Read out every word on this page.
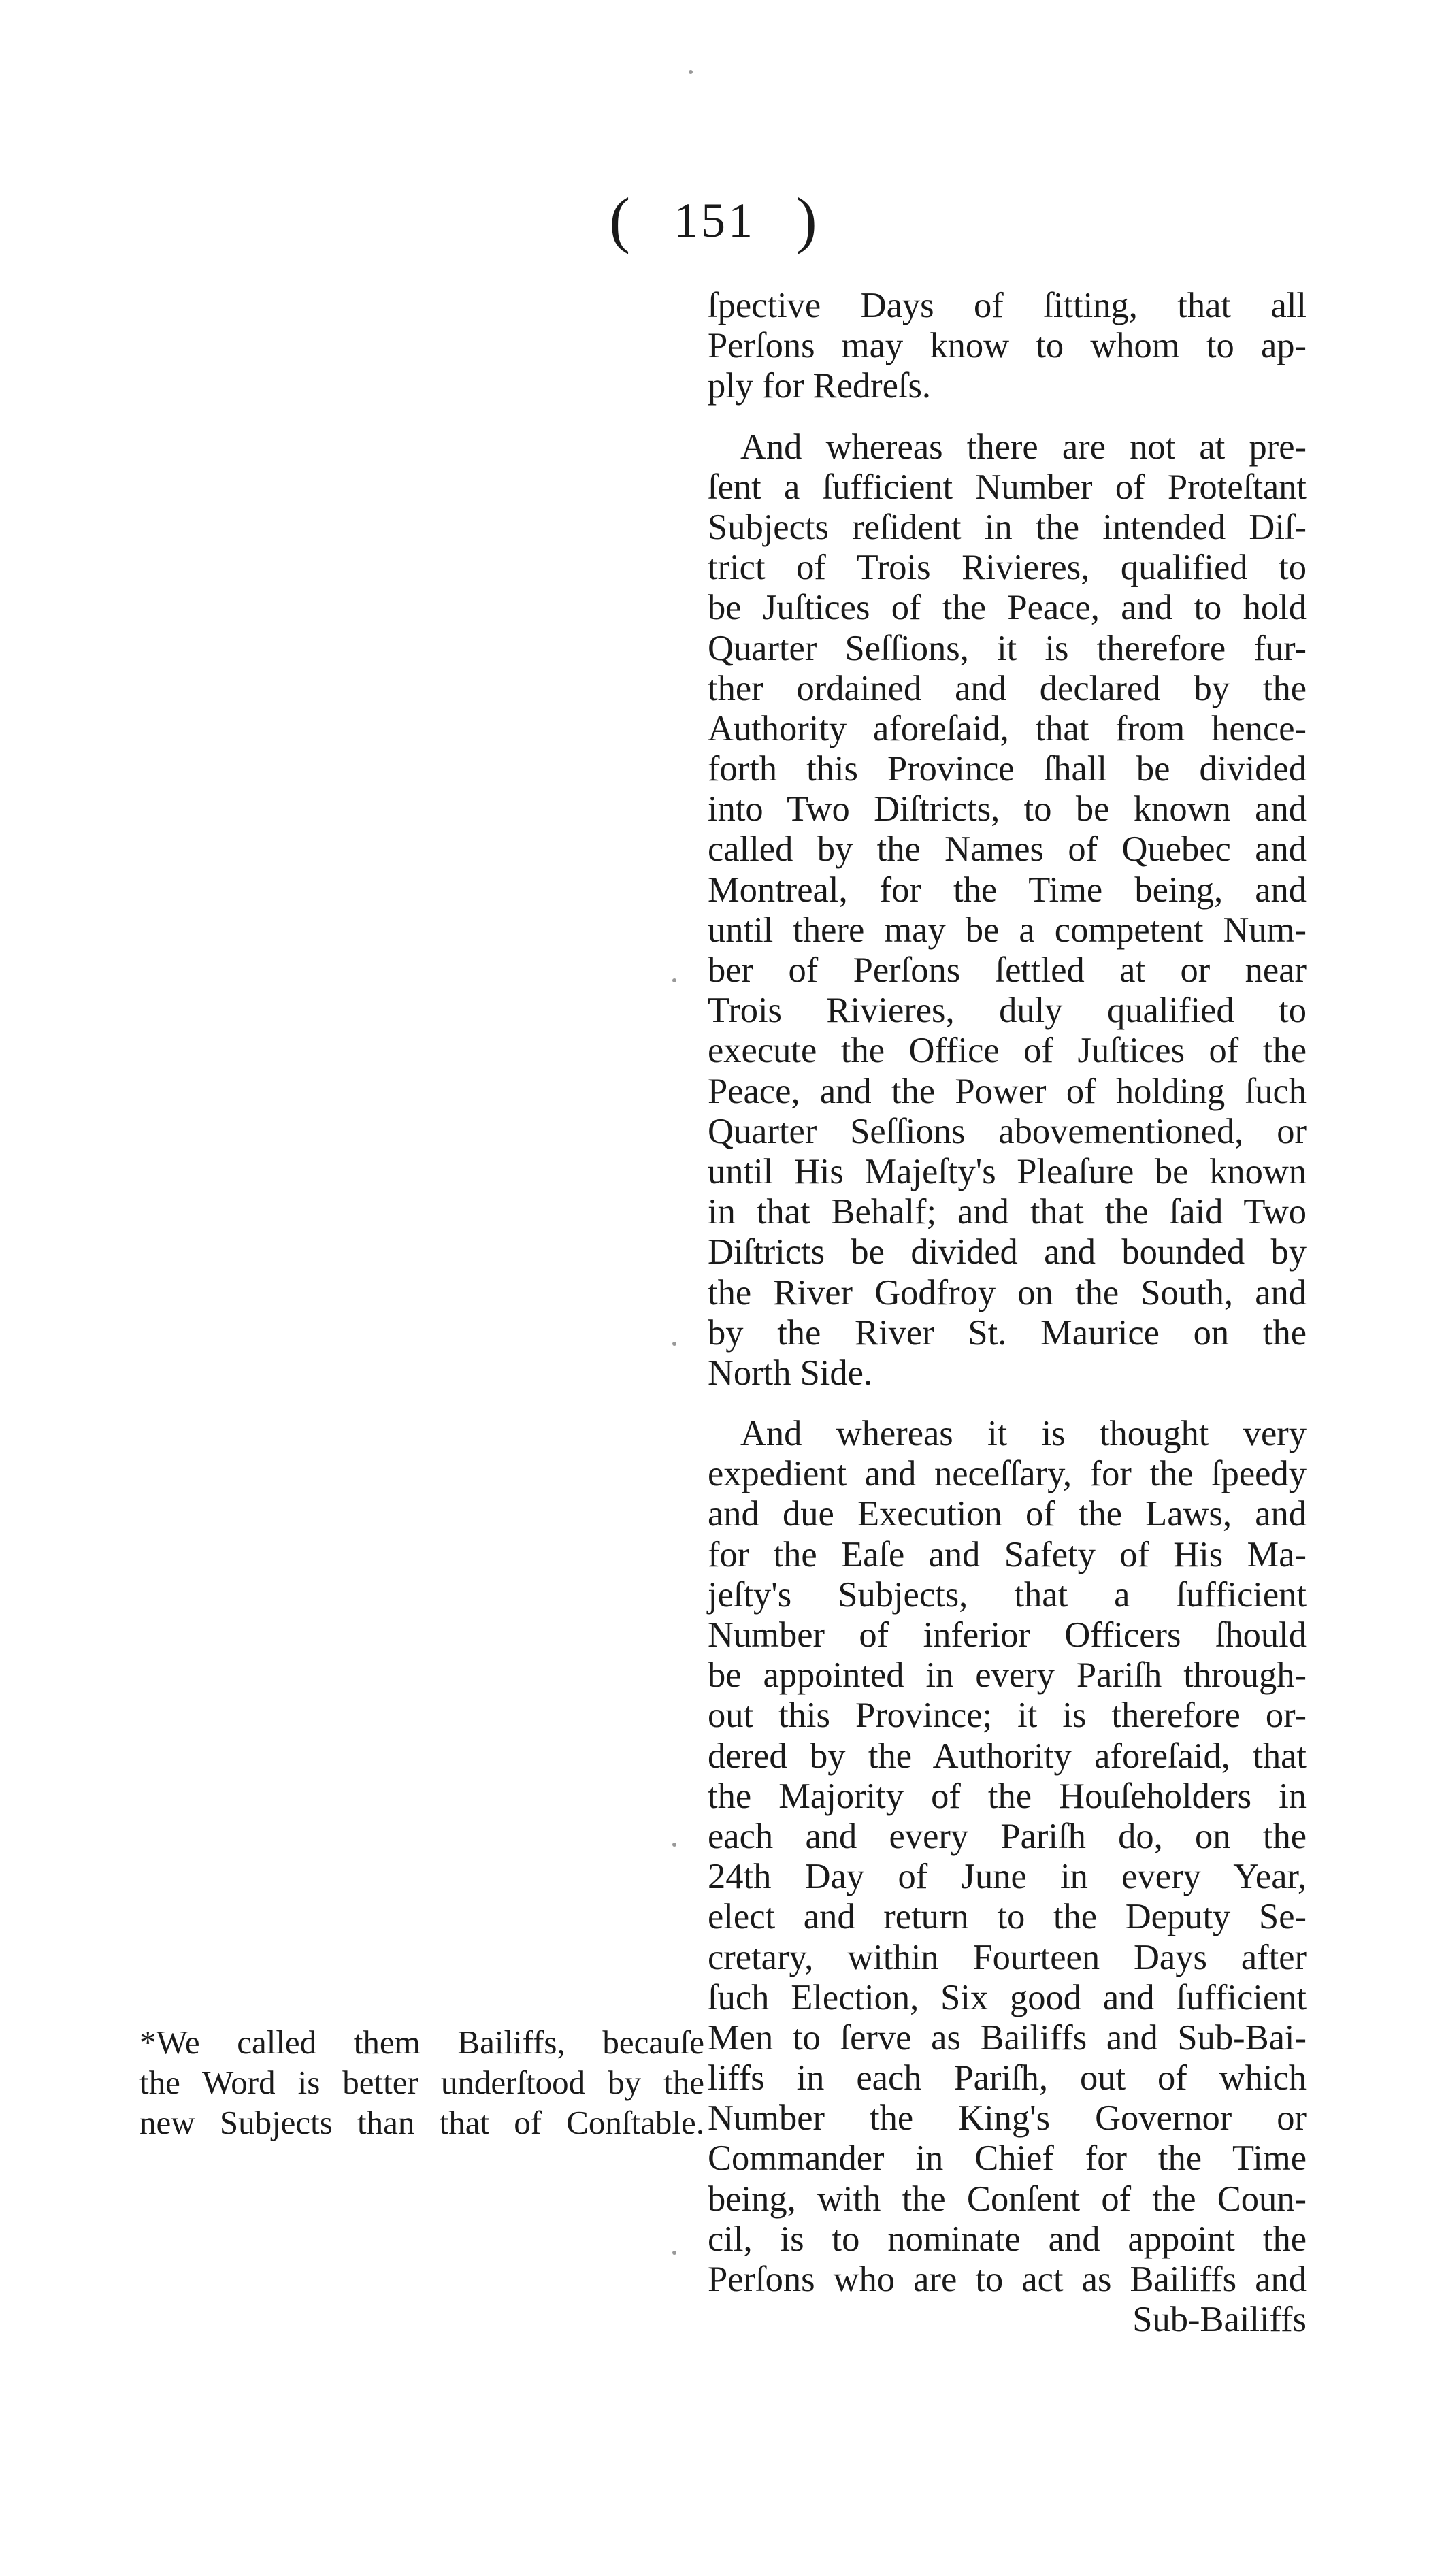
( 151 )
ſpective Days of ſitting, that all
Perſons may know to whom to ap-
ply for Redreſs.
And whereas there are not at pre-
ſent a ſufficient Number of Proteſtant
Subjects reſident in the intended Diſ-
trict of Trois Rivieres, qualified to
be Juſtices of the Peace, and to hold
Quarter Seſſions, it is therefore fur-
ther ordained and declared by the
Authority aforeſaid, that from hence-
forth this Province ſhall be divided
into Two Diſtricts, to be known and
called by the Names of Quebec and
Montreal, for the Time being, and
until there may be a competent Num-
ber of Perſons ſettled at or near
Trois Rivieres, duly qualified to
execute the Office of Juſtices of the
Peace, and the Power of holding ſuch
Quarter Seſſions abovementioned, or
until His Majeſty's Pleaſure be known
in that Behalf; and that the ſaid Two
Diſtricts be divided and bounded by
the River Godfroy on the South, and
by the River St. Maurice on the
North Side.
And whereas it is thought very
expedient and neceſſary, for the ſpeedy
and due Execution of the Laws, and
for the Eaſe and Safety of His Ma-
jeſty's Subjects, that a ſufficient
Number of inferior Officers ſhould
be appointed in every Pariſh through-
out this Province; it is therefore or-
dered by the Authority aforeſaid, that
the Majority of the Houſeholders in
each and every Pariſh do, on the
24th Day of June in every Year,
elect and return to the Deputy Se-
cretary, within Fourteen Days after
ſuch Election, Six good and ſufficient
Men to ſerve as Bailiffs and Sub-Bai-
liffs in each Pariſh, out of which
Number the King's Governor or
Commander in Chief for the Time
being, with the Conſent of the Coun-
cil, is to nominate and appoint the
Perſons who are to act as Bailiffs and
Sub-Bailiffs
*We called them Bailiffs, becauſe
the Word is better underſtood by the
new Subjects than that of Conſtable.
